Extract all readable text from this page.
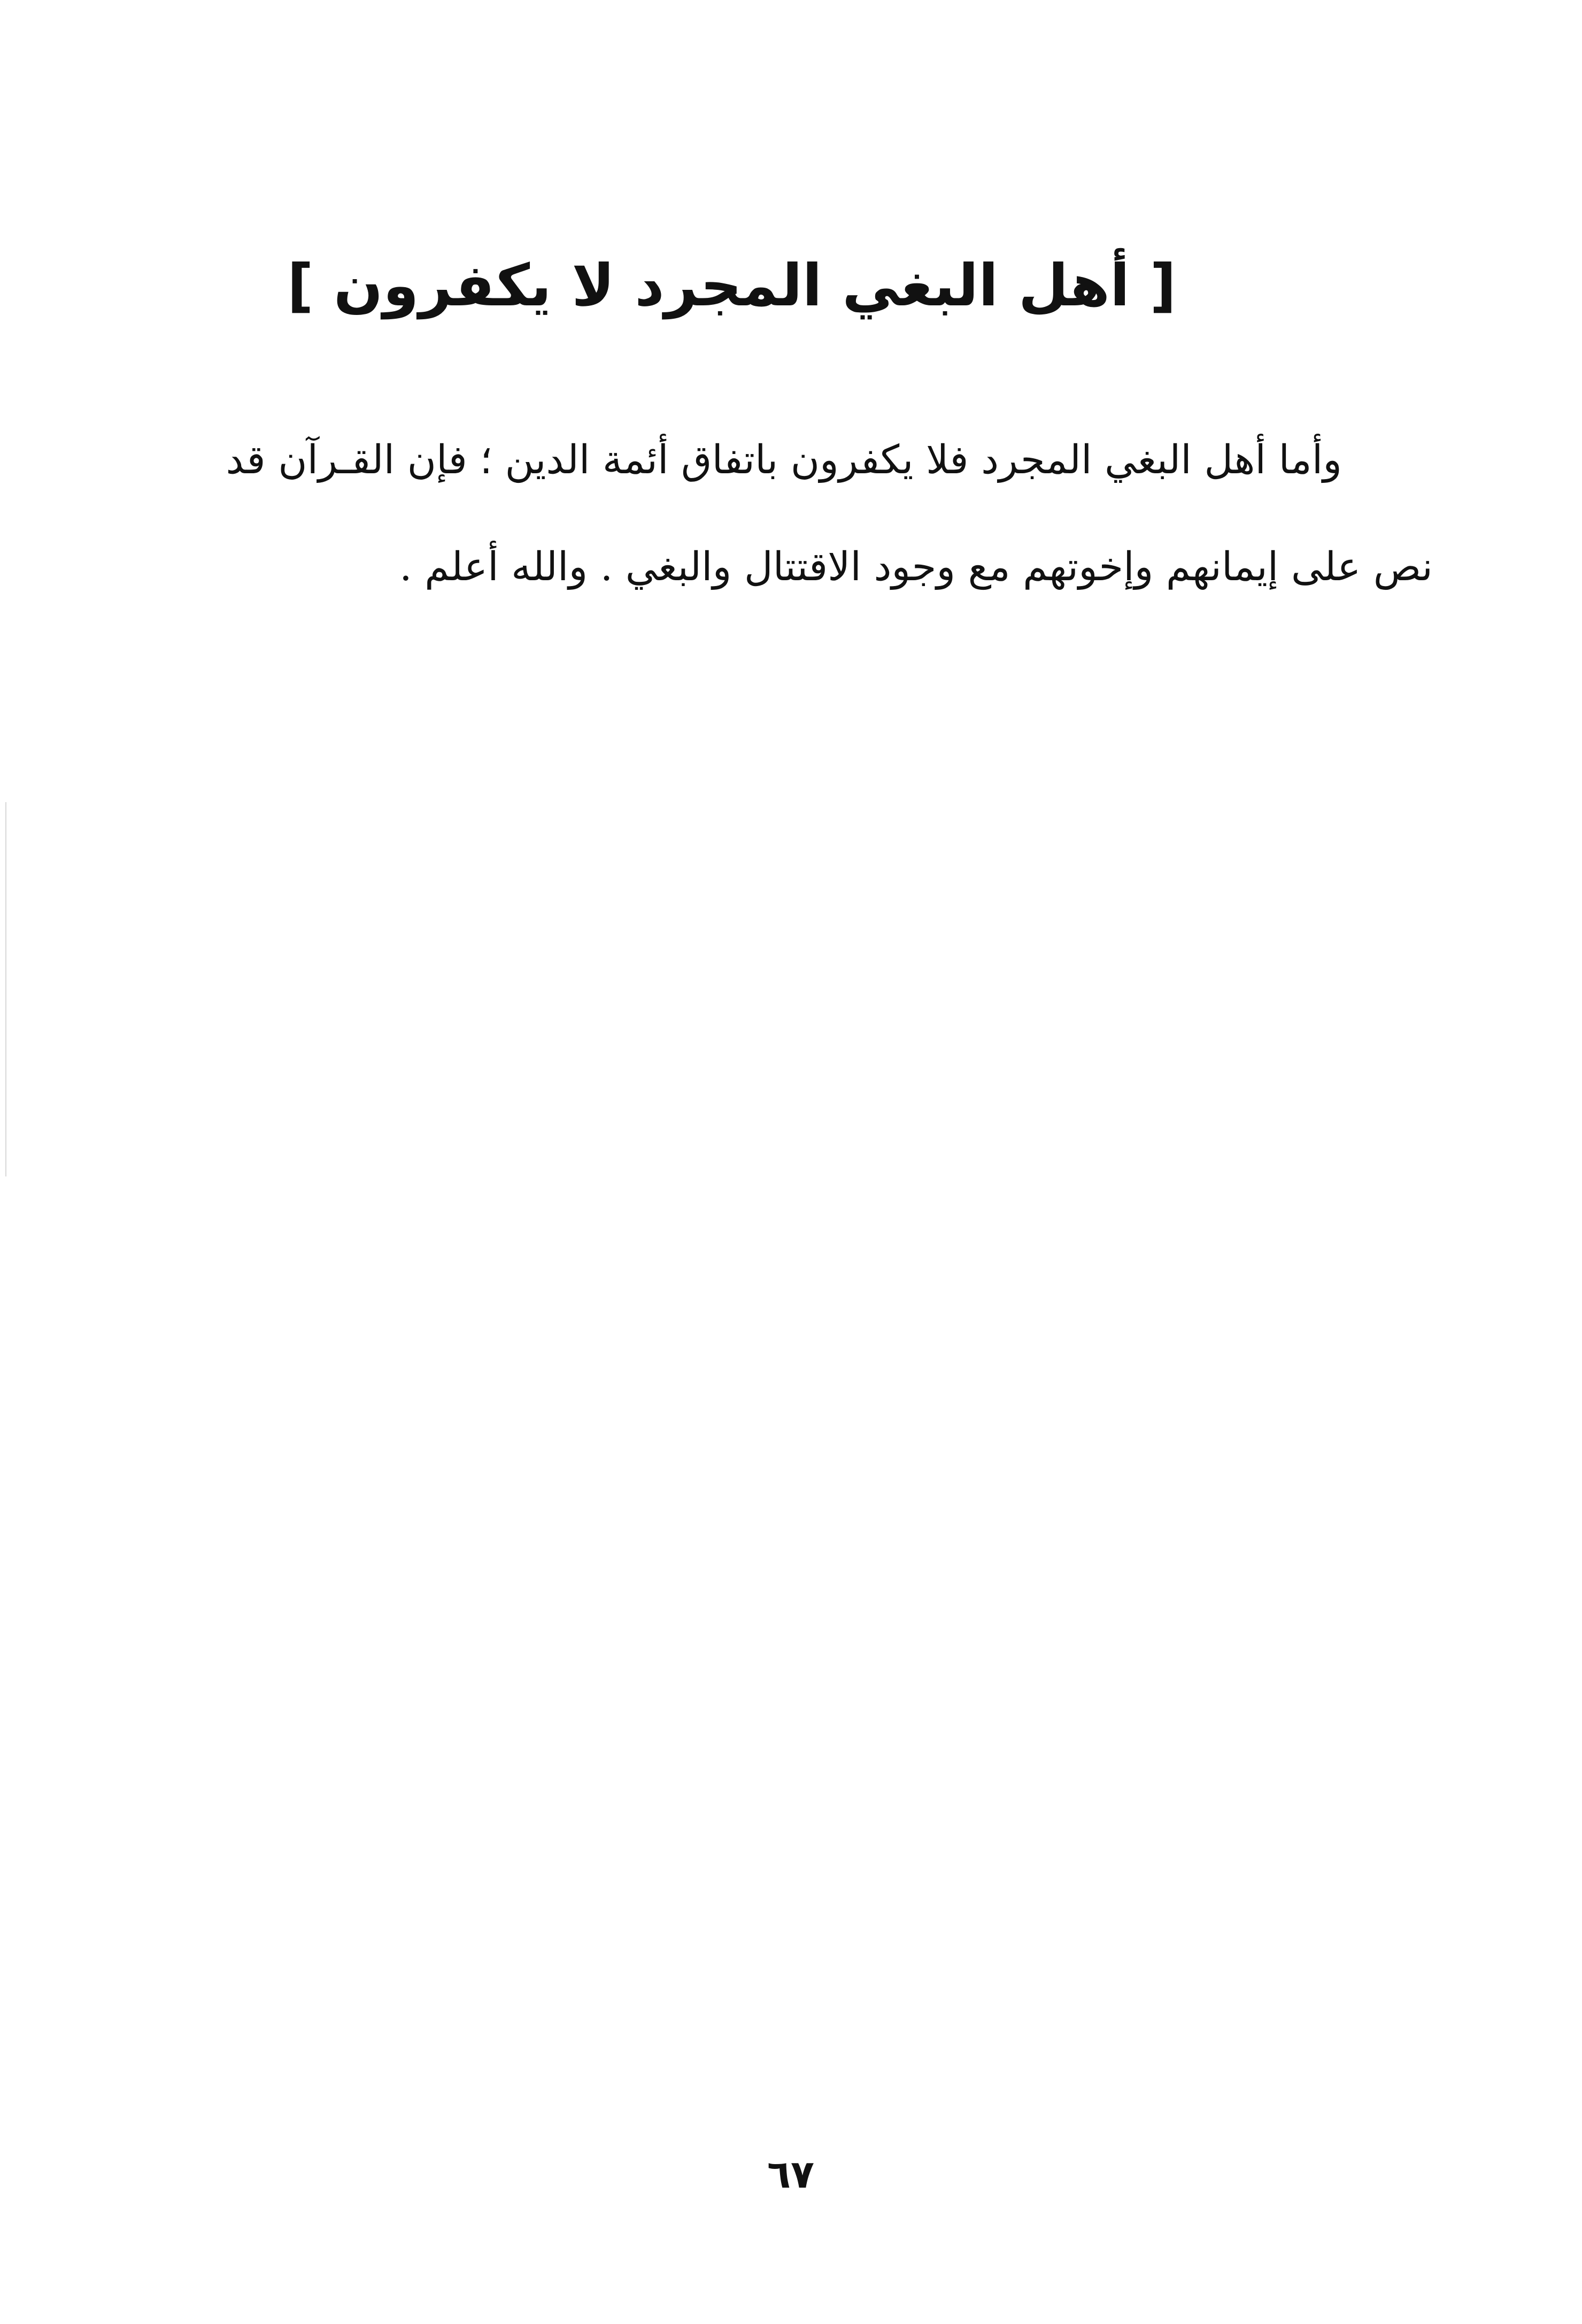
[ أهل البغي المجرد لا يكفرون ]
وأما أهل البغي المجرد فلا يكفرون باتفاق أئمة الدين ؛ فإن القـرآن قد
نص على إيمانهم وإخوتهم مع وجود الاقتتال والبغي . والله أعلم .
٦٧
